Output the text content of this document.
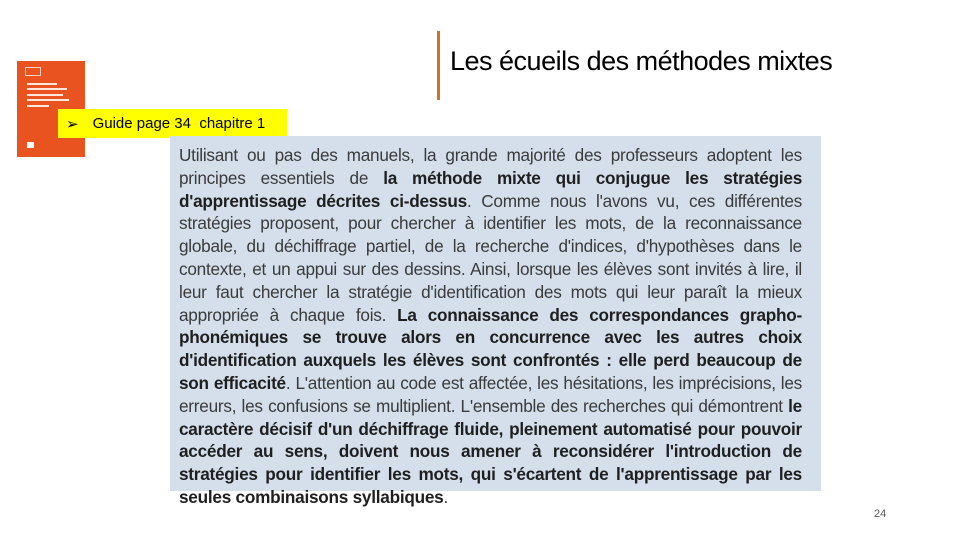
Les écueils des méthodes mixtes
➢ Guide page 34  chapitre 1

Utilisant ou pas des manuels, la grande majorité des professeurs adoptent les principes essentiels de la méthode mixte qui conjugue les stratégies d'apprentissage décrites ci-dessus. Comme nous l'avons vu, ces différentes stratégies proposent, pour chercher à identifier les mots, de la reconnaissance globale, du déchiffrage partiel, de la recherche d'indices, d'hypothèses dans le contexte, et un appui sur des dessins. Ainsi, lorsque les élèves sont invités à lire, il leur faut chercher la stratégie d'identification des mots qui leur paraît la mieux appropriée à chaque fois. La connaissance des correspondances grapho-phonémiques se trouve alors en concurrence avec les autres choix d'identification auxquels les élèves sont confrontés : elle perd beaucoup de son efficacité. L'attention au code est affectée, les hésitations, les imprécisions, les erreurs, les confusions se multiplient. L'ensemble des recherches qui démontrent le caractère décisif d'un déchiffrage fluide, pleinement automatisé pour pouvoir accéder au sens, doivent nous amener à reconsidérer l'introduction de stratégies pour identifier les mots, qui s'écartent de l'apprentissage par les seules combinaisons syllabiques.

24
